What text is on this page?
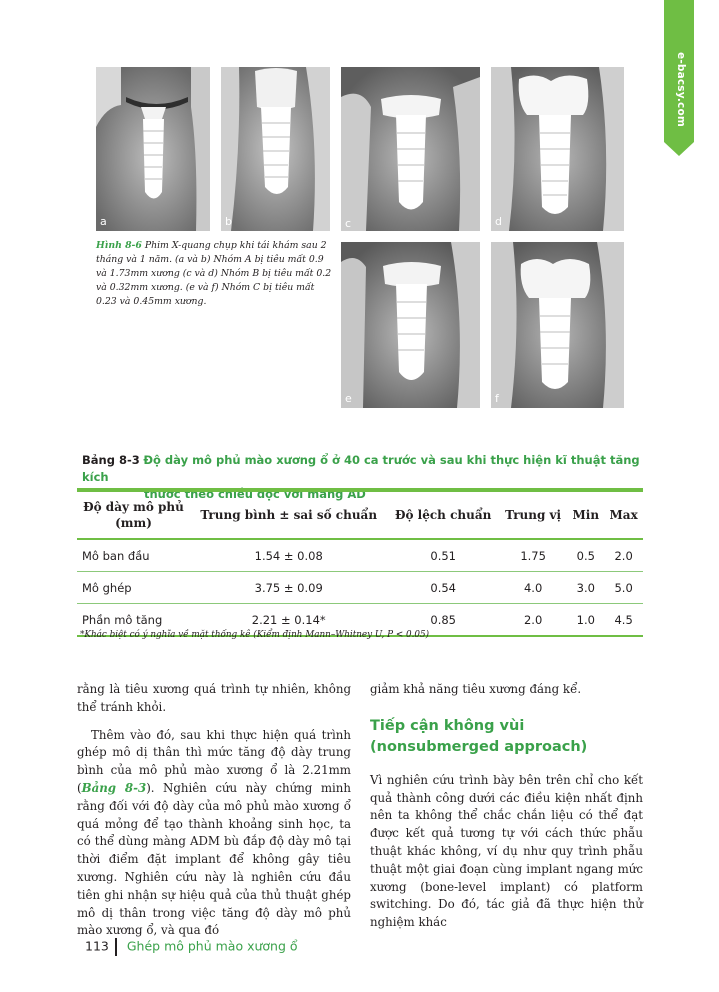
e-bacsy.com
a	b	c	d
e	f
Hình 8-6 Phim X-quang chụp khi tái khám sau 2 tháng và 1 năm. (a và b) Nhóm A bị tiêu mất 0.9 và 1.73mm xương (c và d) Nhóm B bị tiêu mất 0.2 và 0.32mm xương. (e và f) Nhóm C bị tiêu mất 0.23 và 0.45mm xương.
Bảng 8-3 Độ dày mô phủ mào xương ổ ở 40 ca trước và sau khi thực hiện kĩ thuật tăng kích
thước theo chiều dọc với màng AD
Độ dày mô phủ (mm)	Trung bình ± sai số chuẩn	Độ lệch chuẩn	Trung vị	Min	Max
Mô ban đầu	1.54 ± 0.08	0.51	1.75	0.5	2.0
Mô ghép	3.75 ± 0.09	0.54	4.0	3.0	5.0
Phần mô tăng	2.21 ± 0.14*	0.85	2.0	1.0	4.5
*Khác biệt có ý nghĩa về mặt thống kê (Kiểm định Mann–Whitney U, P < 0.05)

rằng là tiêu xương quá trình tự nhiên, không thể tránh khỏi.

Thêm vào đó, sau khi thực hiện quá trình ghép mô dị thân thì mức tăng độ dày trung bình của mô phủ mào xương ổ là 2.21mm (Bảng 8-3). Nghiên cứu này chứng minh rằng đối với độ dày của mô phủ mào xương ổ quá mỏng để tạo thành khoảng sinh học, ta có thể dùng màng ADM bù đắp độ dày mô tại thời điểm đặt implant để không gây tiêu xương. Nghiên cứu này là nghiên cứu đầu tiên ghi nhận sự hiệu quả của thủ thuật ghép mô dị thân trong việc tăng độ dày mô phủ mào xương ổ, và qua đó

giảm khả năng tiêu xương đáng kể.

Tiếp cận không vùi (nonsubmerged approach)

Vì nghiên cứu trình bày bên trên chỉ cho kết quả thành công dưới các điều kiện nhất định nên ta không thể chắc chắn liệu có thể đạt được kết quả tương tự với cách thức phẫu thuật khác không, ví dụ như quy trình phẫu thuật một giai đoạn cùng implant ngang mức xương (bone-level implant) có platform switching. Do đó, tác giả đã thực hiện thử nghiệm khác

113 Ghép mô phủ mào xương ổ
